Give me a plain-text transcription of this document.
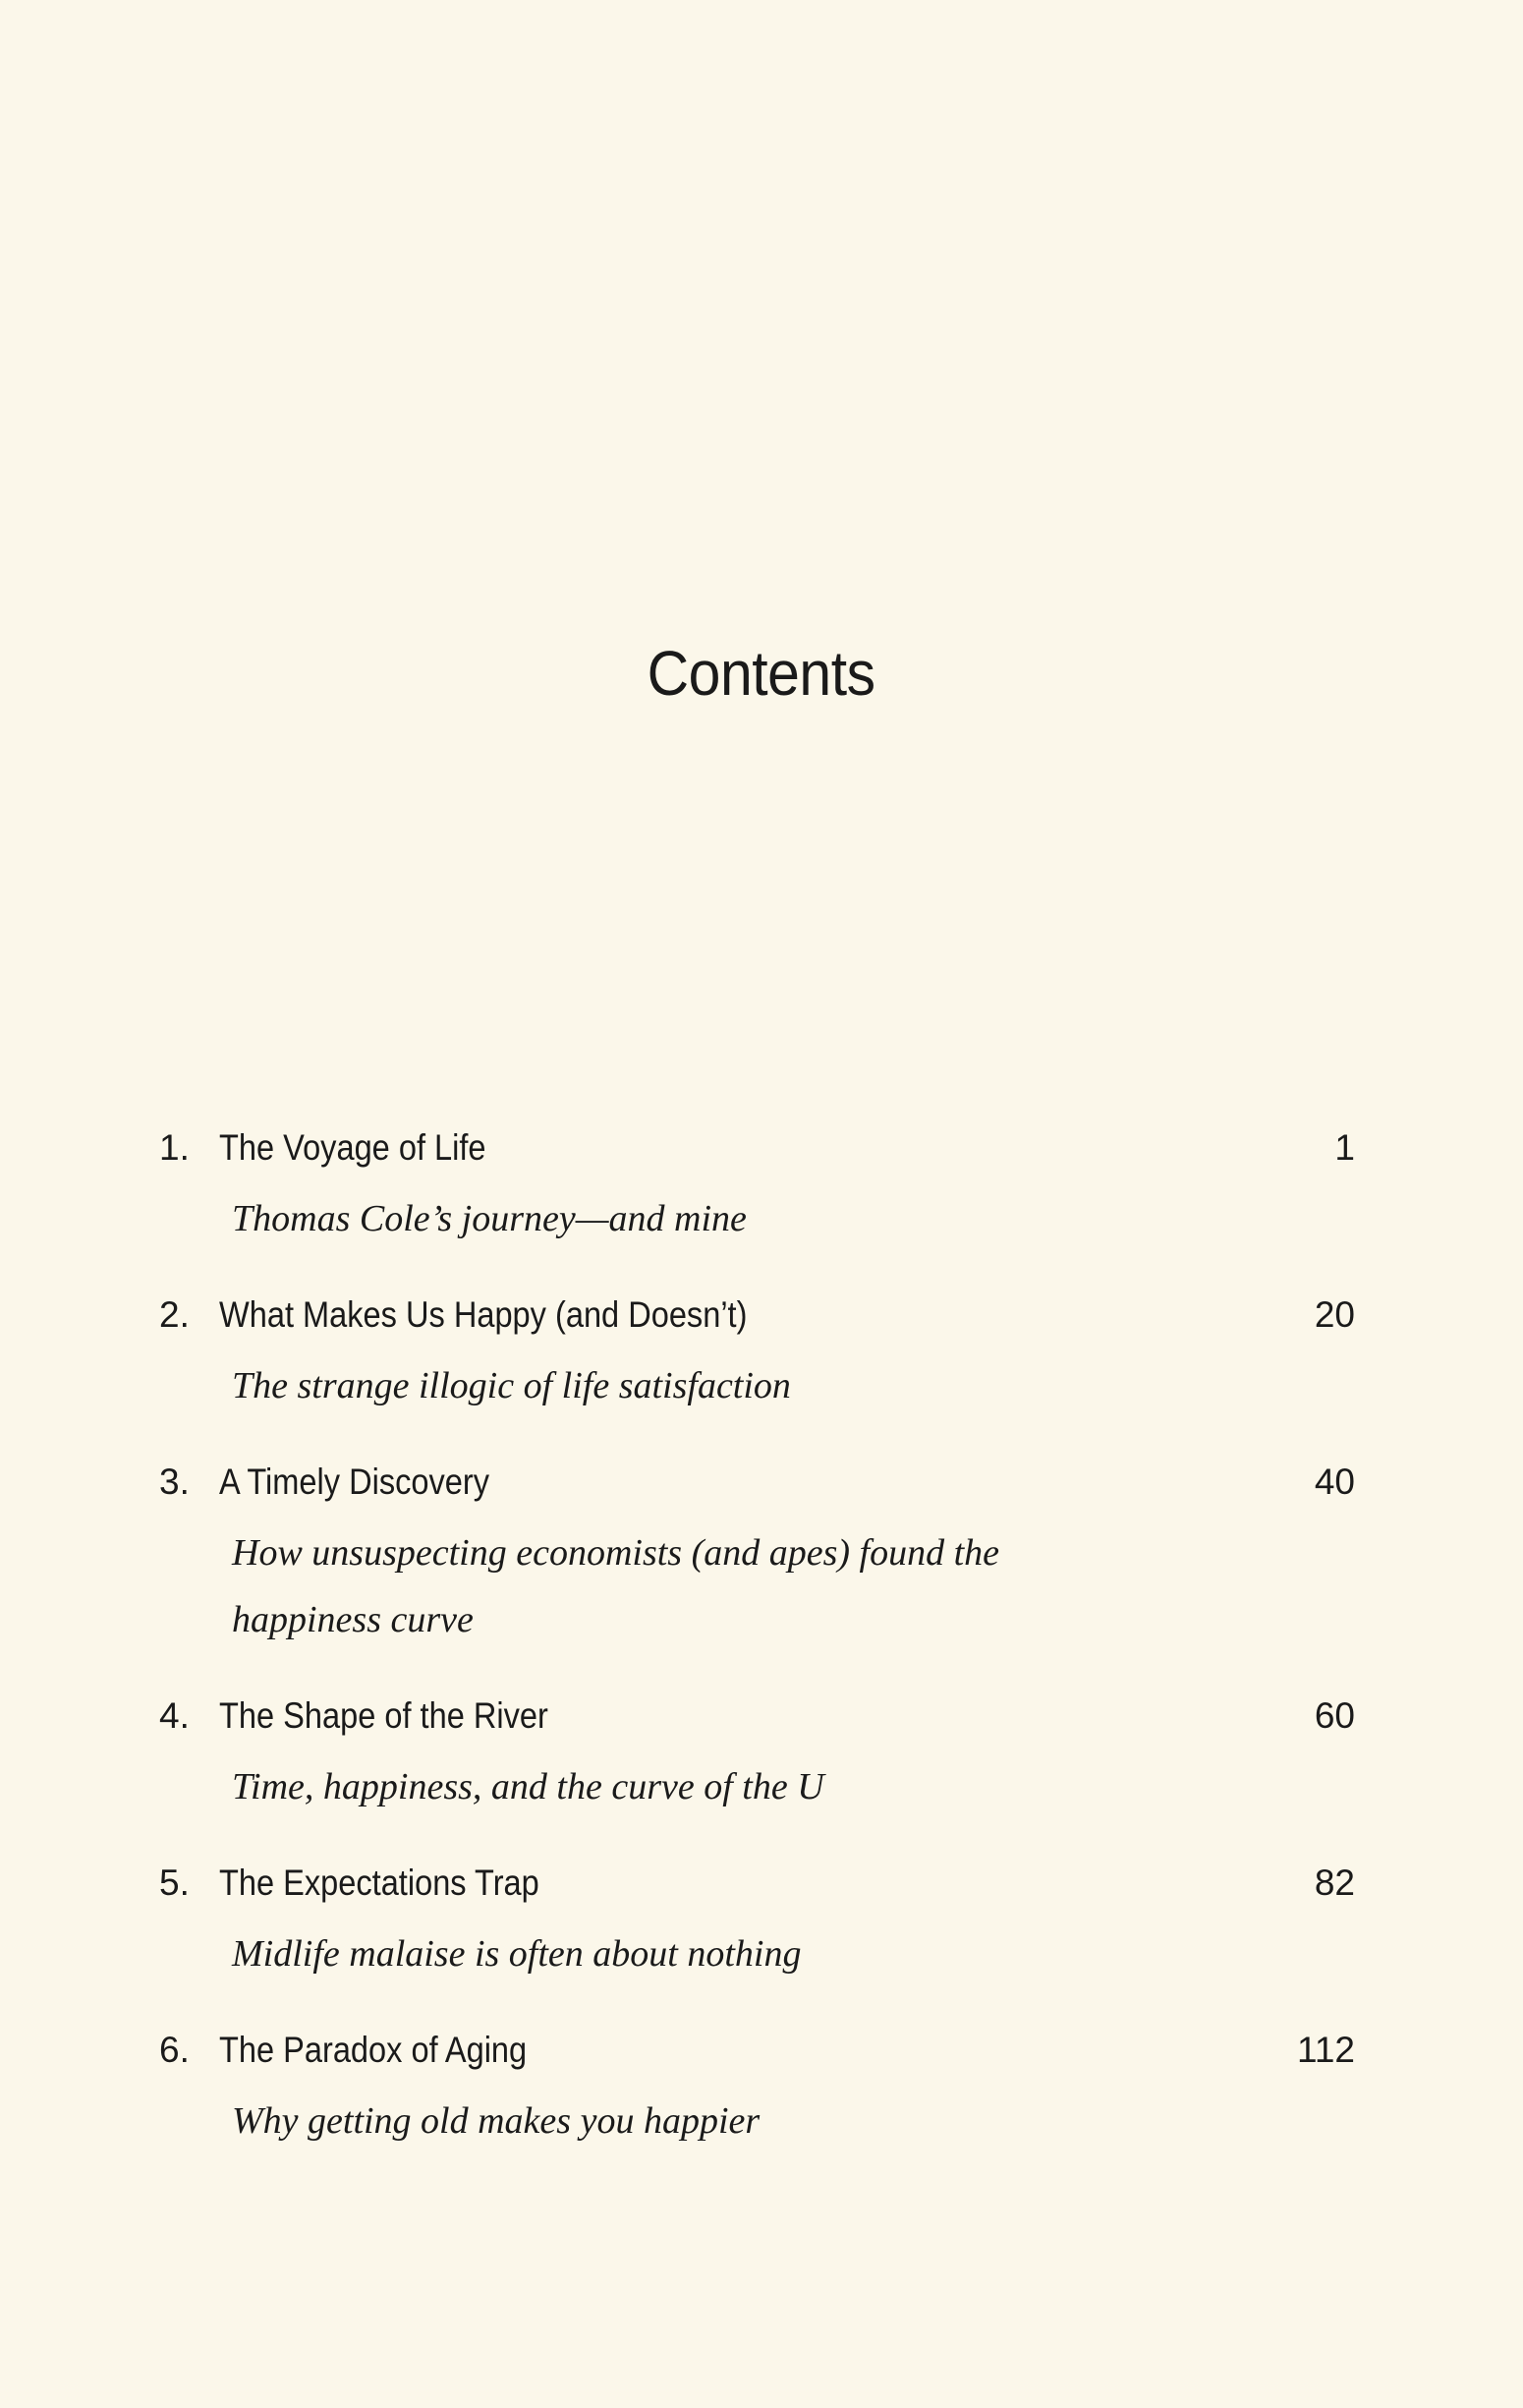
Contents
1. The Voyage of Life	1
Thomas Cole’s journey—and mine
2. What Makes Us Happy (and Doesn’t)	20
The strange illogic of life satisfaction
3. A Timely Discovery	40
How unsuspecting economists (and apes) found the happiness curve
4. The Shape of the River	60
Time, happiness, and the curve of the U
5. The Expectations Trap	82
Midlife malaise is often about nothing
6. The Paradox of Aging	112
Why getting old makes you happier
